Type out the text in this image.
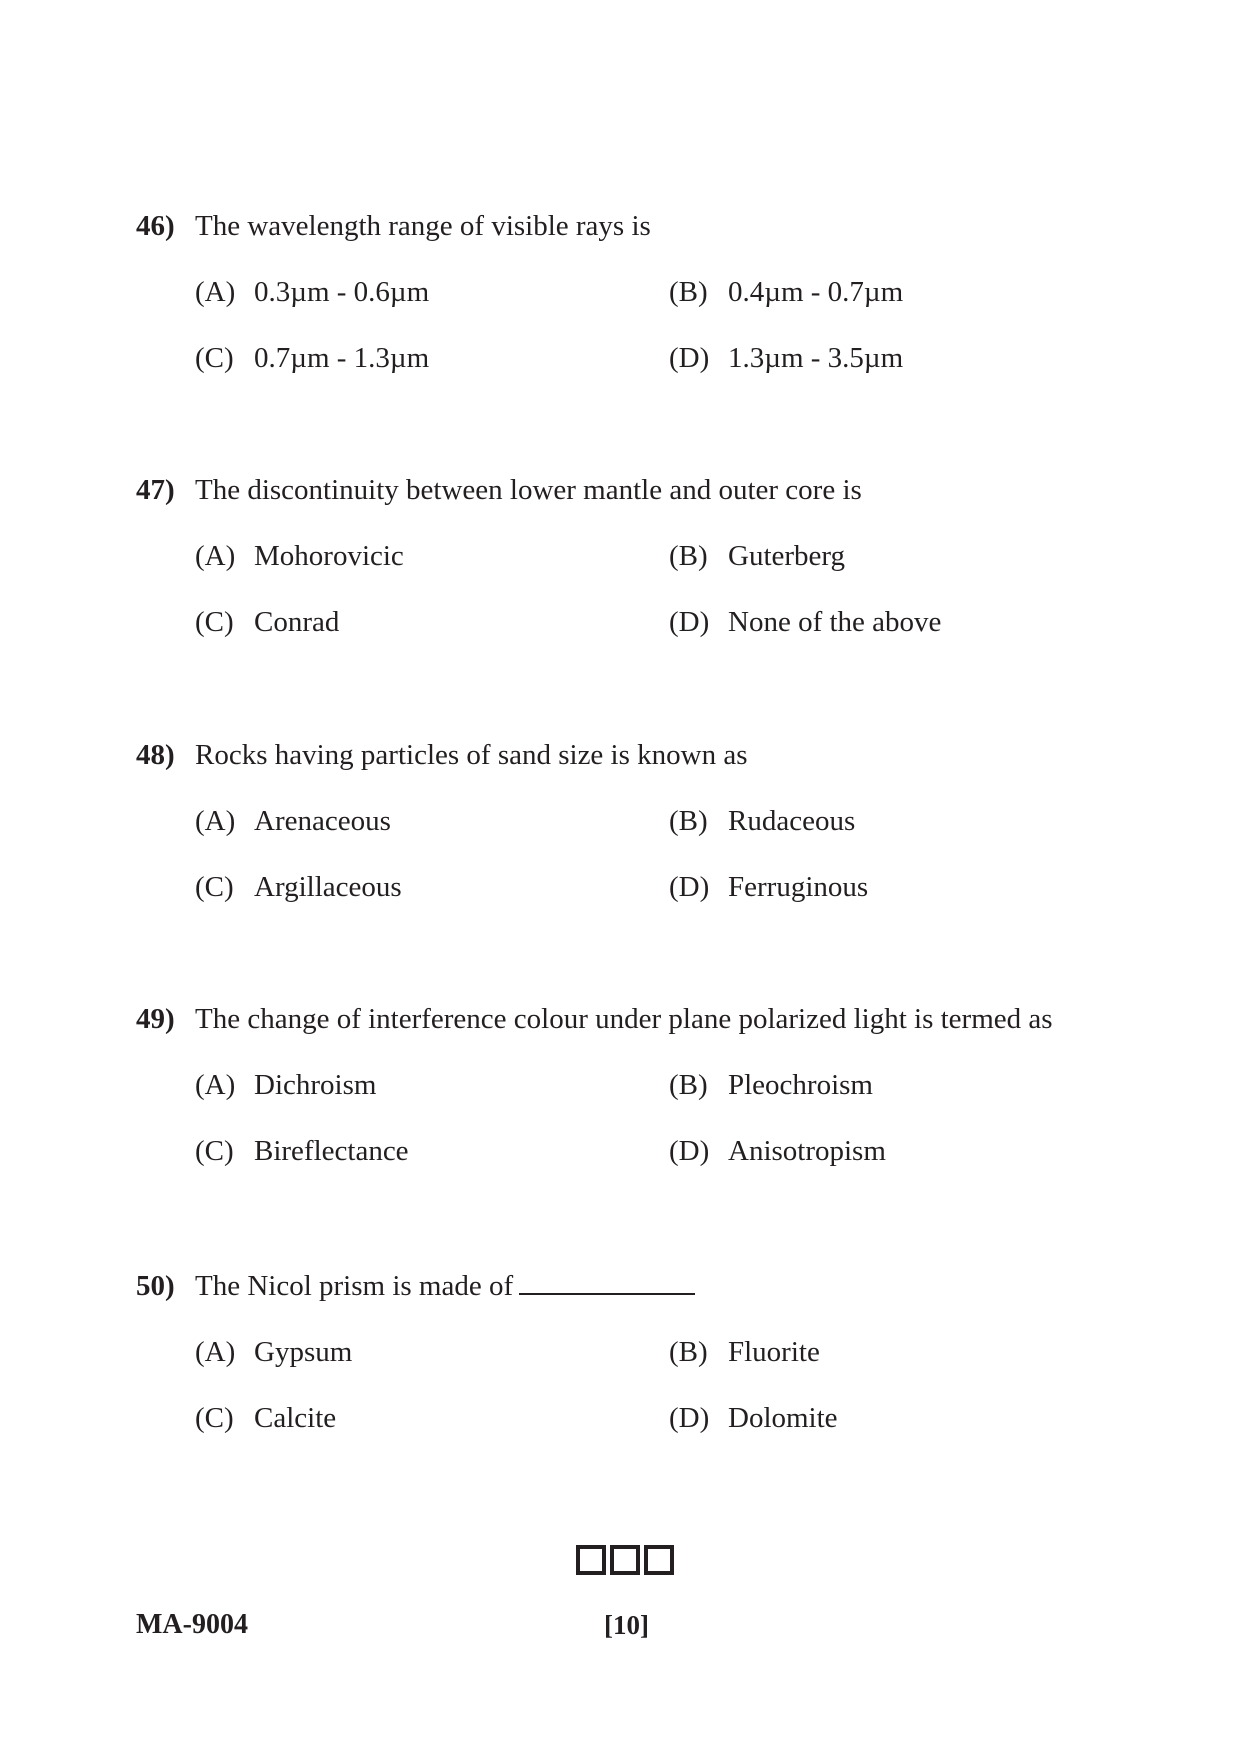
46) The wavelength range of visible rays is
(A) 0.3µm - 0.6µm	(B) 0.4µm - 0.7µm
(C) 0.7µm - 1.3µm	(D) 1.3µm - 3.5µm
47) The discontinuity between lower mantle and outer core is
(A) Mohorovicic	(B) Guterberg
(C) Conrad	(D) None of the above
48) Rocks having particles of sand size is known as
(A) Arenaceous	(B) Rudaceous
(C) Argillaceous	(D) Ferruginous
49) The change of interference colour under plane polarized light is termed as
(A) Dichroism	(B) Pleochroism
(C) Bireflectance	(D) Anisotropism
50) The Nicol prism is made of
(A) Gypsum	(B) Fluorite
(C) Calcite	(D) Dolomite
MA-9004	[10]
